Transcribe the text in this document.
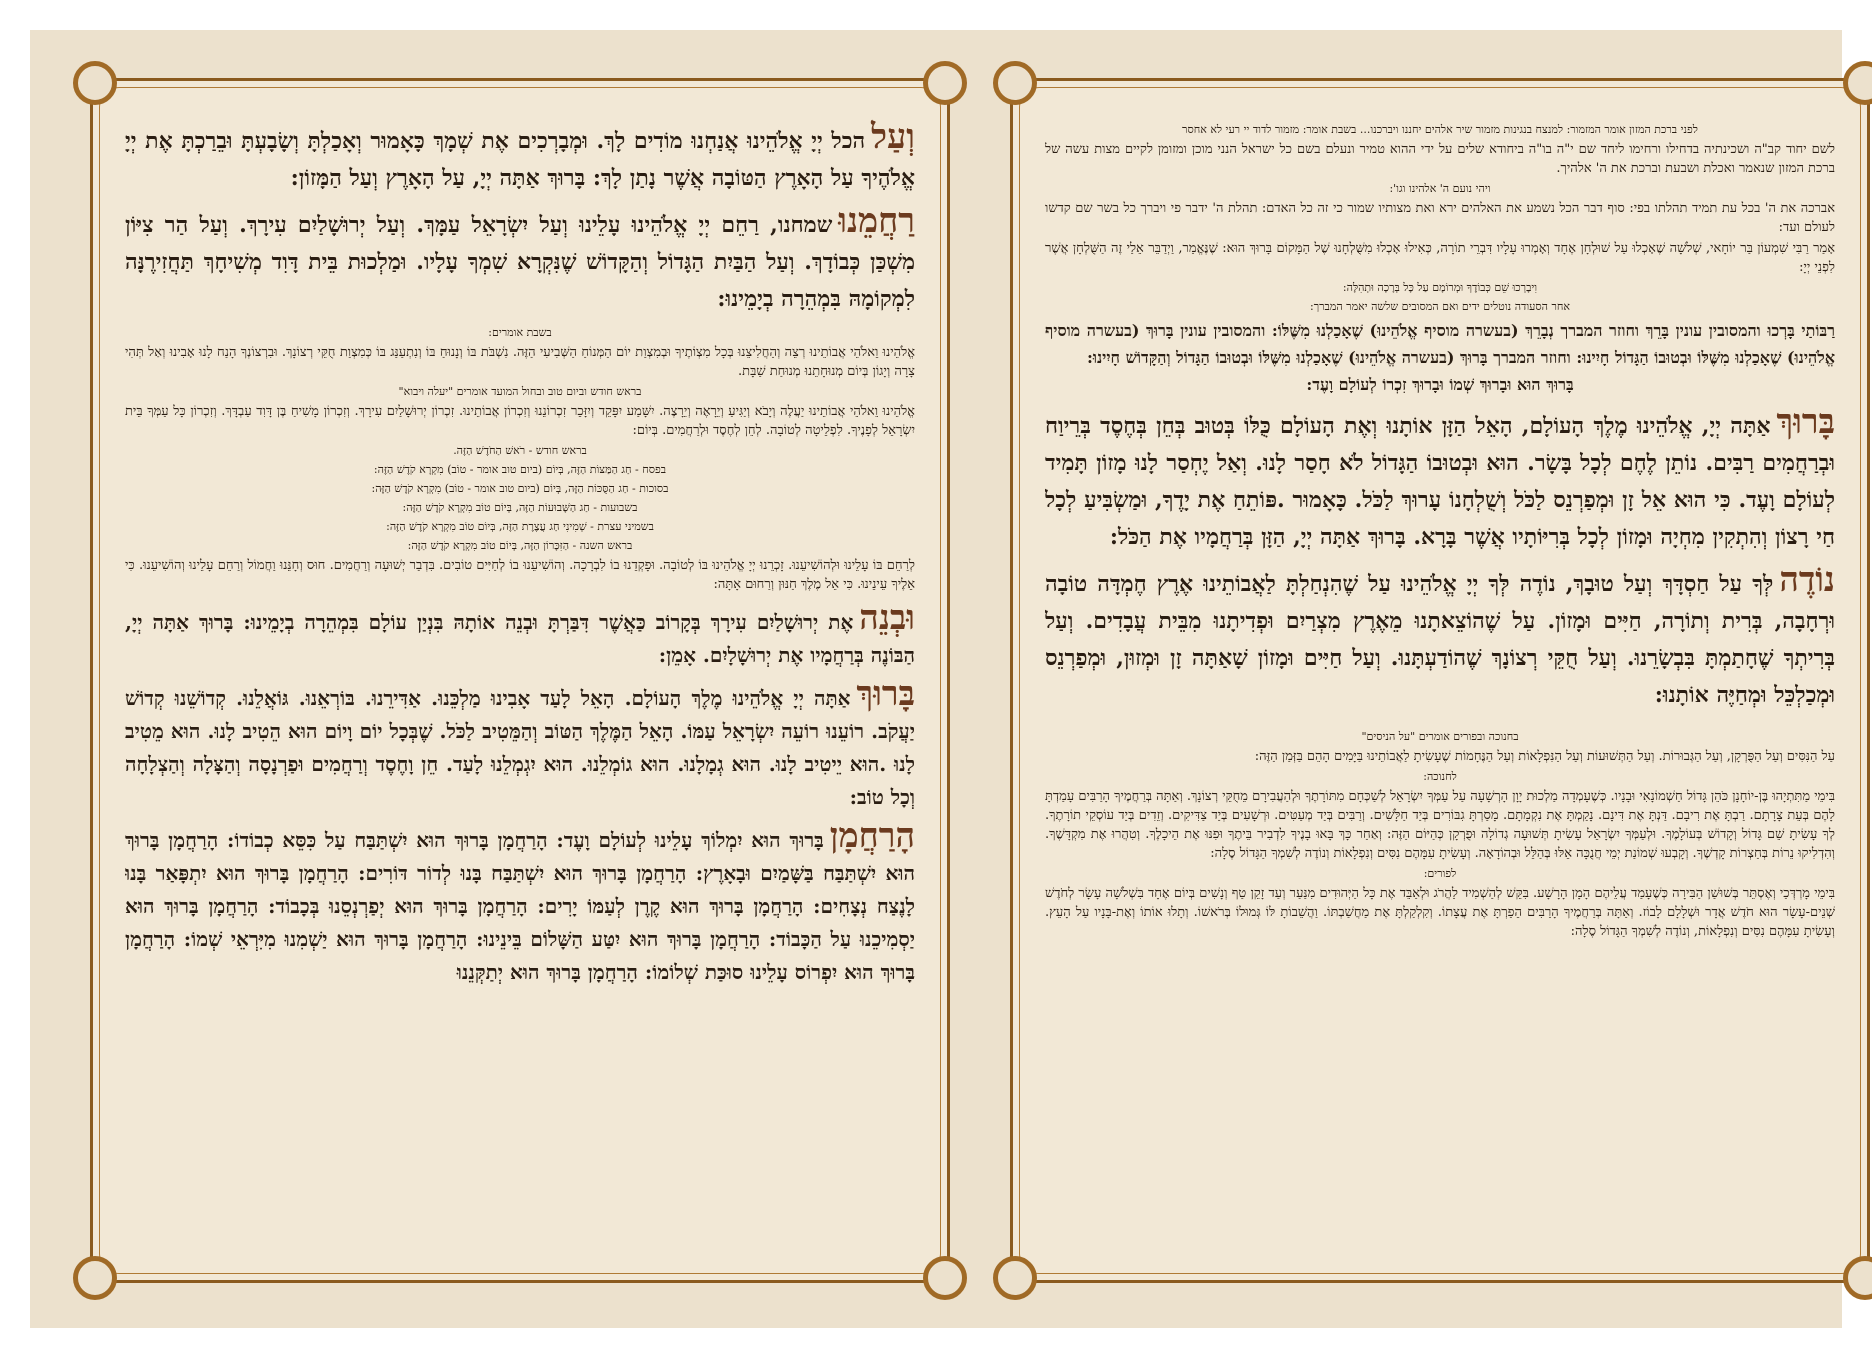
וְעַלהכל יְיָ אֱלֹהֵינוּ אֲנַחְנוּ מוֹדִים לָךְ. וּמְבָרְכִים אֶת שְׁמָךְ כָּאָמוּר וְאָכַלְתָּ וְשָׂבָעְתָּ וּבֵרַכְתָּ אֶת יְיָ אֱלֹהֶיךָ עַל הָאָרֶץ הַטּוֹבָה אֲשֶׁר נָתַן לָךְ: בָּרוּךְ אַתָּה יְיָ, עַל הָאָרֶץ וְעַל הַמָּזוֹן:

רַחֲמֵנוּשמחנו, רַחֵם יְיָ אֱלֹהֵינוּ עָלֵינוּ וְעַל יִשְׂרָאֵל עַמָּךְ. וְעַל יְרוּשָׁלַיִם עִירָךְ. וְעַל הַר צִיּוֹן מִשְׁכַּן כְּבוֹדָךְ. וְעַל הַבַּיִת הַגָּדוֹל וְהַקָּדוֹשׁ שֶׁנִּקְרָא שִׁמְךָ עָלָיו. וּמַלְכוּת בֵּית דָּוִד מְשִׁיחָךְ תַּחֲזִירֶנָּה לִמְקוֹמָהּ בִּמְהֵרָה בְיָמֵינוּ:

בשבת אומרים:

אֱלֹהֵינוּ וֵאלֹהֵי אֲבוֹתֵינוּ רְצֵה וְהַחֲלִיצֵנוּ בְּכָל מִצְוֹתֶיךָ וּבְמִצְוַת יוֹם הַמְּנוֹחַ הַשְּׁבִיעִי הַזֶּה. נִשְׁבֹּת בּוֹ וְנָנוּחַ בּוֹ וְנִתְעַנַּג בּוֹ כְּמִצְוַת חֻקֵּי רְצוֹנָךְ. וּבִרְצוֹנְךָ הָנַח לָנוּ אָבִינוּ וְאַל תְּהִי צָרָה וְיָגוֹן בְּיוֹם מְנוּחָתֵנוּ מְנוּחַת שַׁבָּת.

בראש חודש וביום טוב ובחול המועד אומרים "יעלה ויבוא"

אֱלֹהֵינוּ וֵאלֹהֵי אֲבוֹתֵינוּ יַעֲלֶה וְיָבֹא וְיַגִּיעַ וְיֵרָאֶה וְיֵרָצֶה. יִשָּׁמַע יִפָּקֵד וְיִזָּכֵר זִכְרוֹנֵנוּ וְזִכְרוֹן אֲבוֹתֵינוּ. זִכְרוֹן יְרוּשָׁלַיִם עִירָךְ. וְזִכְרוֹן מָשִׁיחַ בֶּן דָּוִד עַבְדָּךְ. וְזִכְרוֹן כָּל עַמְּךָ בֵּית יִשְׂרָאֵל לְפָנֶיךָ. לִפְלֵיטָה לְטוֹבָה. לְחֵן לְחֶסֶד וּלְרַחֲמִים. בְּיוֹם:

בראש חודש - רֹאשׁ הַחֹדֶשׁ הַזֶּה.

בפסח - חַג הַמַּצּוֹת הַזֶּה, בְּיוֹם (ביום טוב אומר - טוֹב) מִקְרָא קֹדֶשׁ הַזֶּה:

בסוכות - חַג הַסֻּכּוֹת הַזֶּה, בְּיוֹם (ביום טוב אומר - טוֹב) מִקְרָא קֹדֶשׁ הַזֶּה:

בשבועות - חַג הַשָּׁבוּעוֹת הַזֶּה, בְּיוֹם טוֹב מִקְרָא קֹדֶשׁ הַזֶּה:

בשמיני עצרת - שְׁמִינִי חַג עֲצֶרֶת הַזֶּה, בְּיוֹם טוֹב מִקְרָא קֹדֶשׁ הַזֶּה:

בראש השנה - הַזִּכָּרוֹן הַזֶּה, בְּיוֹם טוֹב מִקְרָא קֹדֶשׁ הַזֶּה:

לְרַחֵם בּוֹ עָלֵינוּ וּלְהוֹשִׁיעֵנוּ. זָכְרֵנוּ יְיָ אֱלֹהֵינוּ בּוֹ לְטוֹבָה. וּפָקְדֵנוּ בוֹ לִבְרָכָה. וְהוֹשִׁיעֵנוּ בוֹ לְחַיִּים טוֹבִים. בִּדְבַר יְשׁוּעָה וְרַחֲמִים. חוּס וְחָנֵּנוּ וַחֲמוֹל וְרַחֵם עָלֵינוּ וְהוֹשִׁיעֵנוּ. כִּי אֵלֶיךָ עֵינֵינוּ. כִּי אֵל מֶלֶךְ חַנּוּן וְרַחוּם אָתָּה:

וּבְנֵהאֶת יְרוּשָׁלַיִם עִירָךְ בְּקָרוֹב כַּאֲשֶׁר דִּבַּרְתָּ וּבְנֵה אוֹתָהּ בִּנְיַן עוֹלָם בִּמְהֵרָה בְיָמֵינוּ: בָּרוּךְ אַתָּה יְיָ, הַבּוֹנֶה בְּרַחֲמָיו אֶת יְרוּשָׁלָיִם. אָמֵן:

בָּרוּךְאַתָּה יְיָ אֱלֹהֵינוּ מֶלֶךְ הָעוֹלָם. הָאֵל לָעַד אָבִינוּ מַלְכֵּנוּ. אַדִּירֵנוּ. בּוֹרְאֵנוּ. גּוֹאֲלֵנוּ. קְדוֹשֵׁנוּ קְדוֹשׁ יַעֲקֹב. רוֹעֵנוּ רוֹעֵה יִשְׂרָאֵל עַמּוֹ. הָאֵל הַמֶּלֶךְ הַטּוֹב וְהַמֵּטִיב לַכֹּל. שֶׁבְּכָל יוֹם וָיוֹם הוּא הֵטִיב לָנוּ. הוּא מֵטִיב לָנוּ .הוּא יֵיטִיב לָנוּ. הוּא גְמָלָנוּ. הוּא גוֹמְלֵנוּ. הוּא יִגְמְלֵנוּ לָעַד. חֵן וָחֶסֶד וְרַחֲמִים וּפַרְנָסָה וְהַצָּלָה וְהַצְלָחָה וְכָל טוֹב:

הָרַחֲמָןבָּרוּךְ הוּא יִמְלוֹךְ עָלֵינוּ לְעוֹלָם וָעֶד: הָרַחֲמָן בָּרוּךְ הוּא יִשְׁתַּבַּח עַל כִּסֵּא כְבוֹדוֹ: הָרַחֲמָן בָּרוּךְ הוּא יִשְׁתַּבַּח בַּשָּׁמַיִם וּבָאָרֶץ: הָרַחֲמָן בָּרוּךְ הוּא יִשְׁתַּבַּח בָּנוּ לְדוֹר דּוֹרִים: הָרַחֲמָן בָּרוּךְ הוּא יִתְפָּאַר בָּנוּ לָנֶצַח נְצָחִים: הָרַחֲמָן בָּרוּךְ הוּא קֶרֶן לְעַמּוֹ יָרִים: הָרַחֲמָן בָּרוּךְ הוּא יְפַרְנְסֵנוּ בְּכָבוֹד: הָרַחֲמָן בָּרוּךְ הוּא יַסְמִיכֵנוּ עַל הַכָּבוֹד: הָרַחֲמָן בָּרוּךְ הוּא יִטַּע הַשָּׁלוֹם בֵּינֵינוּ: הָרַחֲמָן בָּרוּךְ הוּא יַשְׁמִנוּ מִיִּרְאֵי שְׁמוֹ: הָרַחֲמָן בָּרוּךְ הוּא יִפְרוֹס עָלֵינוּ סוּכַּת שְׁלוֹמוֹ: הָרַחֲמָן בָּרוּךְ הוּא יְתַקְּנֵנוּ

לפני ברכת המזון אומר המזמור: למנצח בנגינות מזמור שיר אלהים יחננו ויברכנו... בשבת אומר: מזמור לדוד יי רעי לא אחסר

לשם יחוד קב"ה ושכינתיה בדחילו ורחימו ליחד שם י"ה בו"ה ביחודא שלים על ידי ההוא טמיר ונעלם בשם כל ישראל הנני מוכן ומזומן לקיים מצות עשה של ברכת המזון שנאמר ואכלת ושבעת וברכת את ה' אלהיך.

ויהי נועם ה' אלהינו וגו':

אברכה את ה' בכל עת תמיד תהלתו בפי: סוף דבר הכל נשמע את האלהים ירא ואת מצותיו שמור כי זה כל האדם: תהלת ה' ידבר פי ויברך כל בשר שם קדשו לעולם ועד:

אָמַר רַבִּי שִׁמְעוֹן בַּר יוֹחָאי, שְׁלשָׁה שֶׁאָכְלוּ עַל שׁוּלְחָן אֶחָד וְאָמְרוּ עָלָיו דִּבְרֵי תוֹרָה, כְּאִילוּ אָכְלוּ מִשֻּׁלְחָנוּ שֶׁל הַמָּקוֹם בָּרוּךְ הוּא: שֶׁנֶּאֱמַר, וַיְדַבֵּר אֵלַי זֶה הַשֻּׁלְחָן אֲשֶׁר לִפְנֵי יְיָ:

וִיבָרְכוּ שֵׁם כְּבוֹדֶךָ וּמְרוֹמָם עַל כָּל בְּרָכָה וּתְהִלָּה:

אחר הסעודה נוטלים ידים ואם המסובים שלשה יאמר המברך:

רַבּוֹתַי בָּרְכוּ והמסובין עונין בָּרֵךְ וחוזר המברך נְבָרֵךְ (בעשרה מוסיף אֱלֹהֵינוּ) שֶׁאָכַלְנוּ מִשֶּׁלּוֹ: והמסובין עונין בָּרוּךְ (בעשרה מוסיף אֱלֹהֵינוּ) שֶׁאָכַלְנוּ מִשֶּׁלּוֹ וּבְטוּבוֹ הַגָּדוֹל חָיִינוּ: וחוזר המברך בָּרוּךְ (בעשרה אֱלֹהֵינוּ) שֶׁאָכַלְנוּ מִשֶּׁלּוֹ וּבְטוּבוֹ הַגָּדוֹל וְהַקָּדוֹשׁ חָיִינוּ:

בָּרוּךְ הוּא וּבָרוּךְ שְׁמוֹ וּבָרוּךְ זִכְרוֹ לְעוֹלָם וָעֶד:

בָּרוּךְאַתָּה יְיָ, אֱלֹהֵינוּ מֶלֶךְ הָעוֹלָם, הָאֵל הַזָּן אוֹתָנוּ וְאֶת הָעוֹלָם כֻּלּוֹ בְּטוּב בְּחֵן בְּחֶסֶד בְּרֵיוַח וּבְרַחֲמִים רַבִּים. נוֹתֵן לֶחֶם לְכָל בָּשָׂר. הוּא וּבְטוּבוֹ הַגָּדוֹל לֹא חָסַר לָנוּ. וְאַל יֶחְסַר לָנוּ מָזוֹן תָּמִיד לְעוֹלָם וָעֶד. כִּי הוּא אֵל זָן וּמְפַרְנֵס לַכֹּל וְשֻׁלְחָנוֹ עָרוּךְ לַכֹּל. כָּאָמוּר .פּוֹתֵחַ אֶת יָדֶךָ, וּמַשְׂבִּיעַ לְכָל חַי רָצוֹן וְהִתְקִין מִחְיָה וּמָזוֹן לְכָל בְּרִיּוֹתָיו אֲשֶׁר בָּרָא. בָּרוּךְ אַתָּה יְיָ, הַזָּן בְּרַחֲמָיו אֶת הַכֹּל:

נוֹדֶהלְּךָ עַל חַסְדָּךְ וְעַל טוּבָךְ, נוֹדֶה לְּךָ יְיָ אֱלֹהֵינוּ עַל שֶׁהִנְחַלְתָּ לַאֲבוֹתֵינוּ אֶרֶץ חֶמְדָּה טוֹבָה וּרְחָבָה, בְּרִית וְתוֹרָה, חַיִּים וּמָזוֹן. עַל שֶׁהוֹצֵאתָנוּ מֵאֶרֶץ מִצְרַיִם וּפְדִיתָנוּ מִבֵּית עֲבָדִים. וְעַל בְּרִיתְךָ שֶׁחָתַמְתָּ בִּבְשָׂרֵנוּ. וְעַל חֻקֵּי רְצוֹנָךְ שֶׁהוֹדַעְתָּנוּ. וְעַל חַיִּים וּמָזוֹן שָׁאַתָּה זָן וּמְזוּן, וּמְפַרְנֵס וּמְכַלְכֵּל וּמְחַיֶּה אוֹתָנוּ:

בחנוכה ובפורים אומרים "על הניסים"

עַל הַנִּסִּים וְעַל הַפֻּרְקָן, וְעַל הַגְּבוּרוֹת. וְעַל הַתְּשׁוּעוֹת וְעַל הַנִּפְלָאוֹת וְעַל הַנֶּחָמוֹת שֶׁעָשִׂיתָ לַאֲבוֹתֵינוּ בַּיָּמִים הָהֵם בַּזְּמַן הַזֶּה:

לחנוכה:

בִּימֵי מַתִּתְיָהוּ בֶּן-יוֹחָנָן כֹּהֵן גָּדוֹל חַשְׁמוֹנָאִי וּבָנָיו. כְּשֶׁעָמְדָה מַלְכוּת יָוָן הָרְשָׁעָה עַל עַמְּךָ יִשְׂרָאֵל לְשַׁכְּחָם מִתּוֹרָתֶךָ וּלְהַעֲבִירָם מֵחֻקֵּי רְצוֹנָךְ. וְאַתָּה בְּרַחֲמֶיךָ הָרַבִּים עָמַדְתָּ לָהֶם בְּעֵת צָרָתָם. רַבְתָּ אֶת רִיבָם. דַּנְתָּ אֶת דִּינָם. נָקַמְתָּ אֶת נִקְמָתָם. מָסַרְתָּ גִבּוֹרִים בְּיַד חַלָּשִׁים. וְרַבִּים בְּיַד מְעַטִּים. וּרְשָׁעִים בְּיַד צַדִּיקִים. וְזֵדִים בְּיַד עוֹסְקֵי תוֹרָתֶךָ. לְךָ עָשִׂיתָ שֵׁם גָּדוֹל וְקָדוֹשׁ בְּעוֹלָמֶךָ. וּלְעַמְּךָ יִשְׂרָאֵל עָשִׂיתָ תְּשׁוּעָה גְדוֹלָה וּפֻרְקָן כְּהַיּוֹם הַזֶּה: וְאַחַר כָּךְ בָּאוּ בָנֶיךָ לִדְבִיר בֵּיתֶךָ וּפִנּוּ אֶת הֵיכָלֶךָ. וְטִהֲרוּ אֶת מִקְדָּשֶׁךָ. וְהִדְלִיקוּ נֵרוֹת בְּחַצְרוֹת קָדְשֶׁךָ. וְקָבְעוּ שְׁמוֹנַת יְמֵי חֲנֻכָּה אֵלּוּ בְּהַלֵּל וּבְהוֹדָאָה. וְעָשִׂיתָ עִמָּהֶם נִסִּים וְנִפְלָאוֹת וְנוֹדֶה לְשִׁמְךָ הַגָּדוֹל סֶלָה:

לפורים:

בִּימֵי מָרְדְּכַי וְאֶסְתֵּר בְּשׁוּשַׁן הַבִּירָה כְּשֶׁעָמַד עֲלֵיהֶם הָמָן הָרָשָׁע. בִּקֵּשׁ לְהַשְׁמִיד לַהֲרֹג וּלְאַבֵּד אֶת כָּל הַיְּהוּדִים מִנַּעַר וְעַד זָקֵן טַף וְנָשִׁים בְּיוֹם אֶחָד בִּשְׁלֹשָׁה עָשָׂר לְחֹדֶשׁ שְׁנֵים-עָשָׂר הוּא חֹדֶשׁ אֲדָר וּשְׁלָלָם לָבוֹז. וְאַתָּה בְּרַחֲמֶיךָ הָרַבִּים הֵפַרְתָּ אֶת עֲצָתוֹ. וְקִלְקַלְתָּ אֶת מַחֲשַׁבְתּוֹ. וַהֲשֵׁבוֹתָ לּוֹ גְּמוּלוֹ בְּרֹאשׁוֹ. וְתָלוּ אוֹתוֹ וְאֶת-בָּנָיו עַל הָעֵץ. וְעָשִׂיתָ עִמָּהֶם נִסִּים וְנִפְלָאוֹת, וְנוֹדֶה לְשִׁמְךָ הַגָּדוֹל סֶלָה:
